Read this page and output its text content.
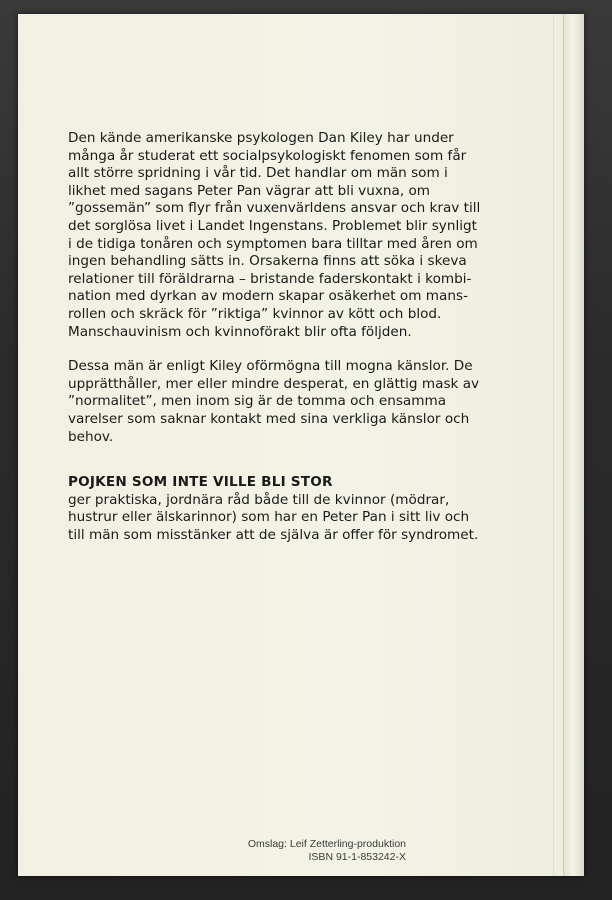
Den kände amerikanske psykologen Dan Kiley har under
många år studerat ett socialpsykologiskt fenomen som får
allt större spridning i vår tid. Det handlar om män som i
likhet med sagans Peter Pan vägrar att bli vuxna, om
”gossemän” som flyr från vuxenvärldens ansvar och krav till
det sorglösa livet i Landet Ingenstans. Problemet blir synligt
i de tidiga tonåren och symptomen bara tilltar med åren om
ingen behandling sätts in. Orsakerna finns att söka i skeva
relationer till föräldrarna – bristande faderskontakt i kombi-
nation med dyrkan av modern skapar osäkerhet om mans-
rollen och skräck för ”riktiga” kvinnor av kött och blod.
Manschauvinism och kvinnoförakt blir ofta följden.

Dessa män är enligt Kiley oförmögna till mogna känslor. De
upprätthåller, mer eller mindre desperat, en glättig mask av
”normalitet”, men inom sig är de tomma och ensamma
varelser som saknar kontakt med sina verkliga känslor och
behov.

POJKEN SOM INTE VILLE BLI STOR

ger praktiska, jordnära råd både till de kvinnor (mödrar,
hustrur eller älskarinnor) som har en Peter Pan i sitt liv och
till män som misstänker att de själva är offer för syndromet.

Omslag: Leif Zetterling-produktion
ISBN 91-1-853242-X
